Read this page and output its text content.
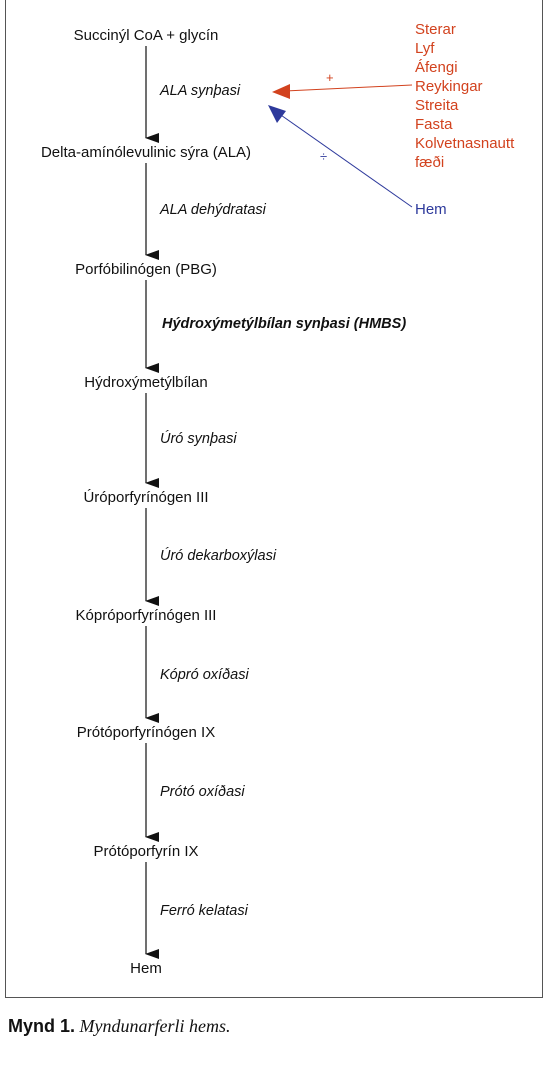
Succinýl CoA + glycín
Delta-amínólevulinic sýra (ALA)
Porfóbilinógen (PBG)
Hýdroxýmetýlbílan
Úróporfyrínógen III
Kópróporfyrínógen III
Prótóporfyrínógen IX
Prótóporfyrín IX
Hem
ALA synþasi
ALA dehýdratasi
Hýdroxýmetýlbílan synþasi (HMBS)
Úró synþasi
Úró dekarboxýlasi
Kópró oxíðasi
Prótó oxíðasi
Ferró kelatasi
Sterar
Lyf
Áfengi
Reykingar
Streita
Fasta
Kolvetnasnautt
fæði
Hem
+
÷
Mynd 1. Myndunarferli hems.
